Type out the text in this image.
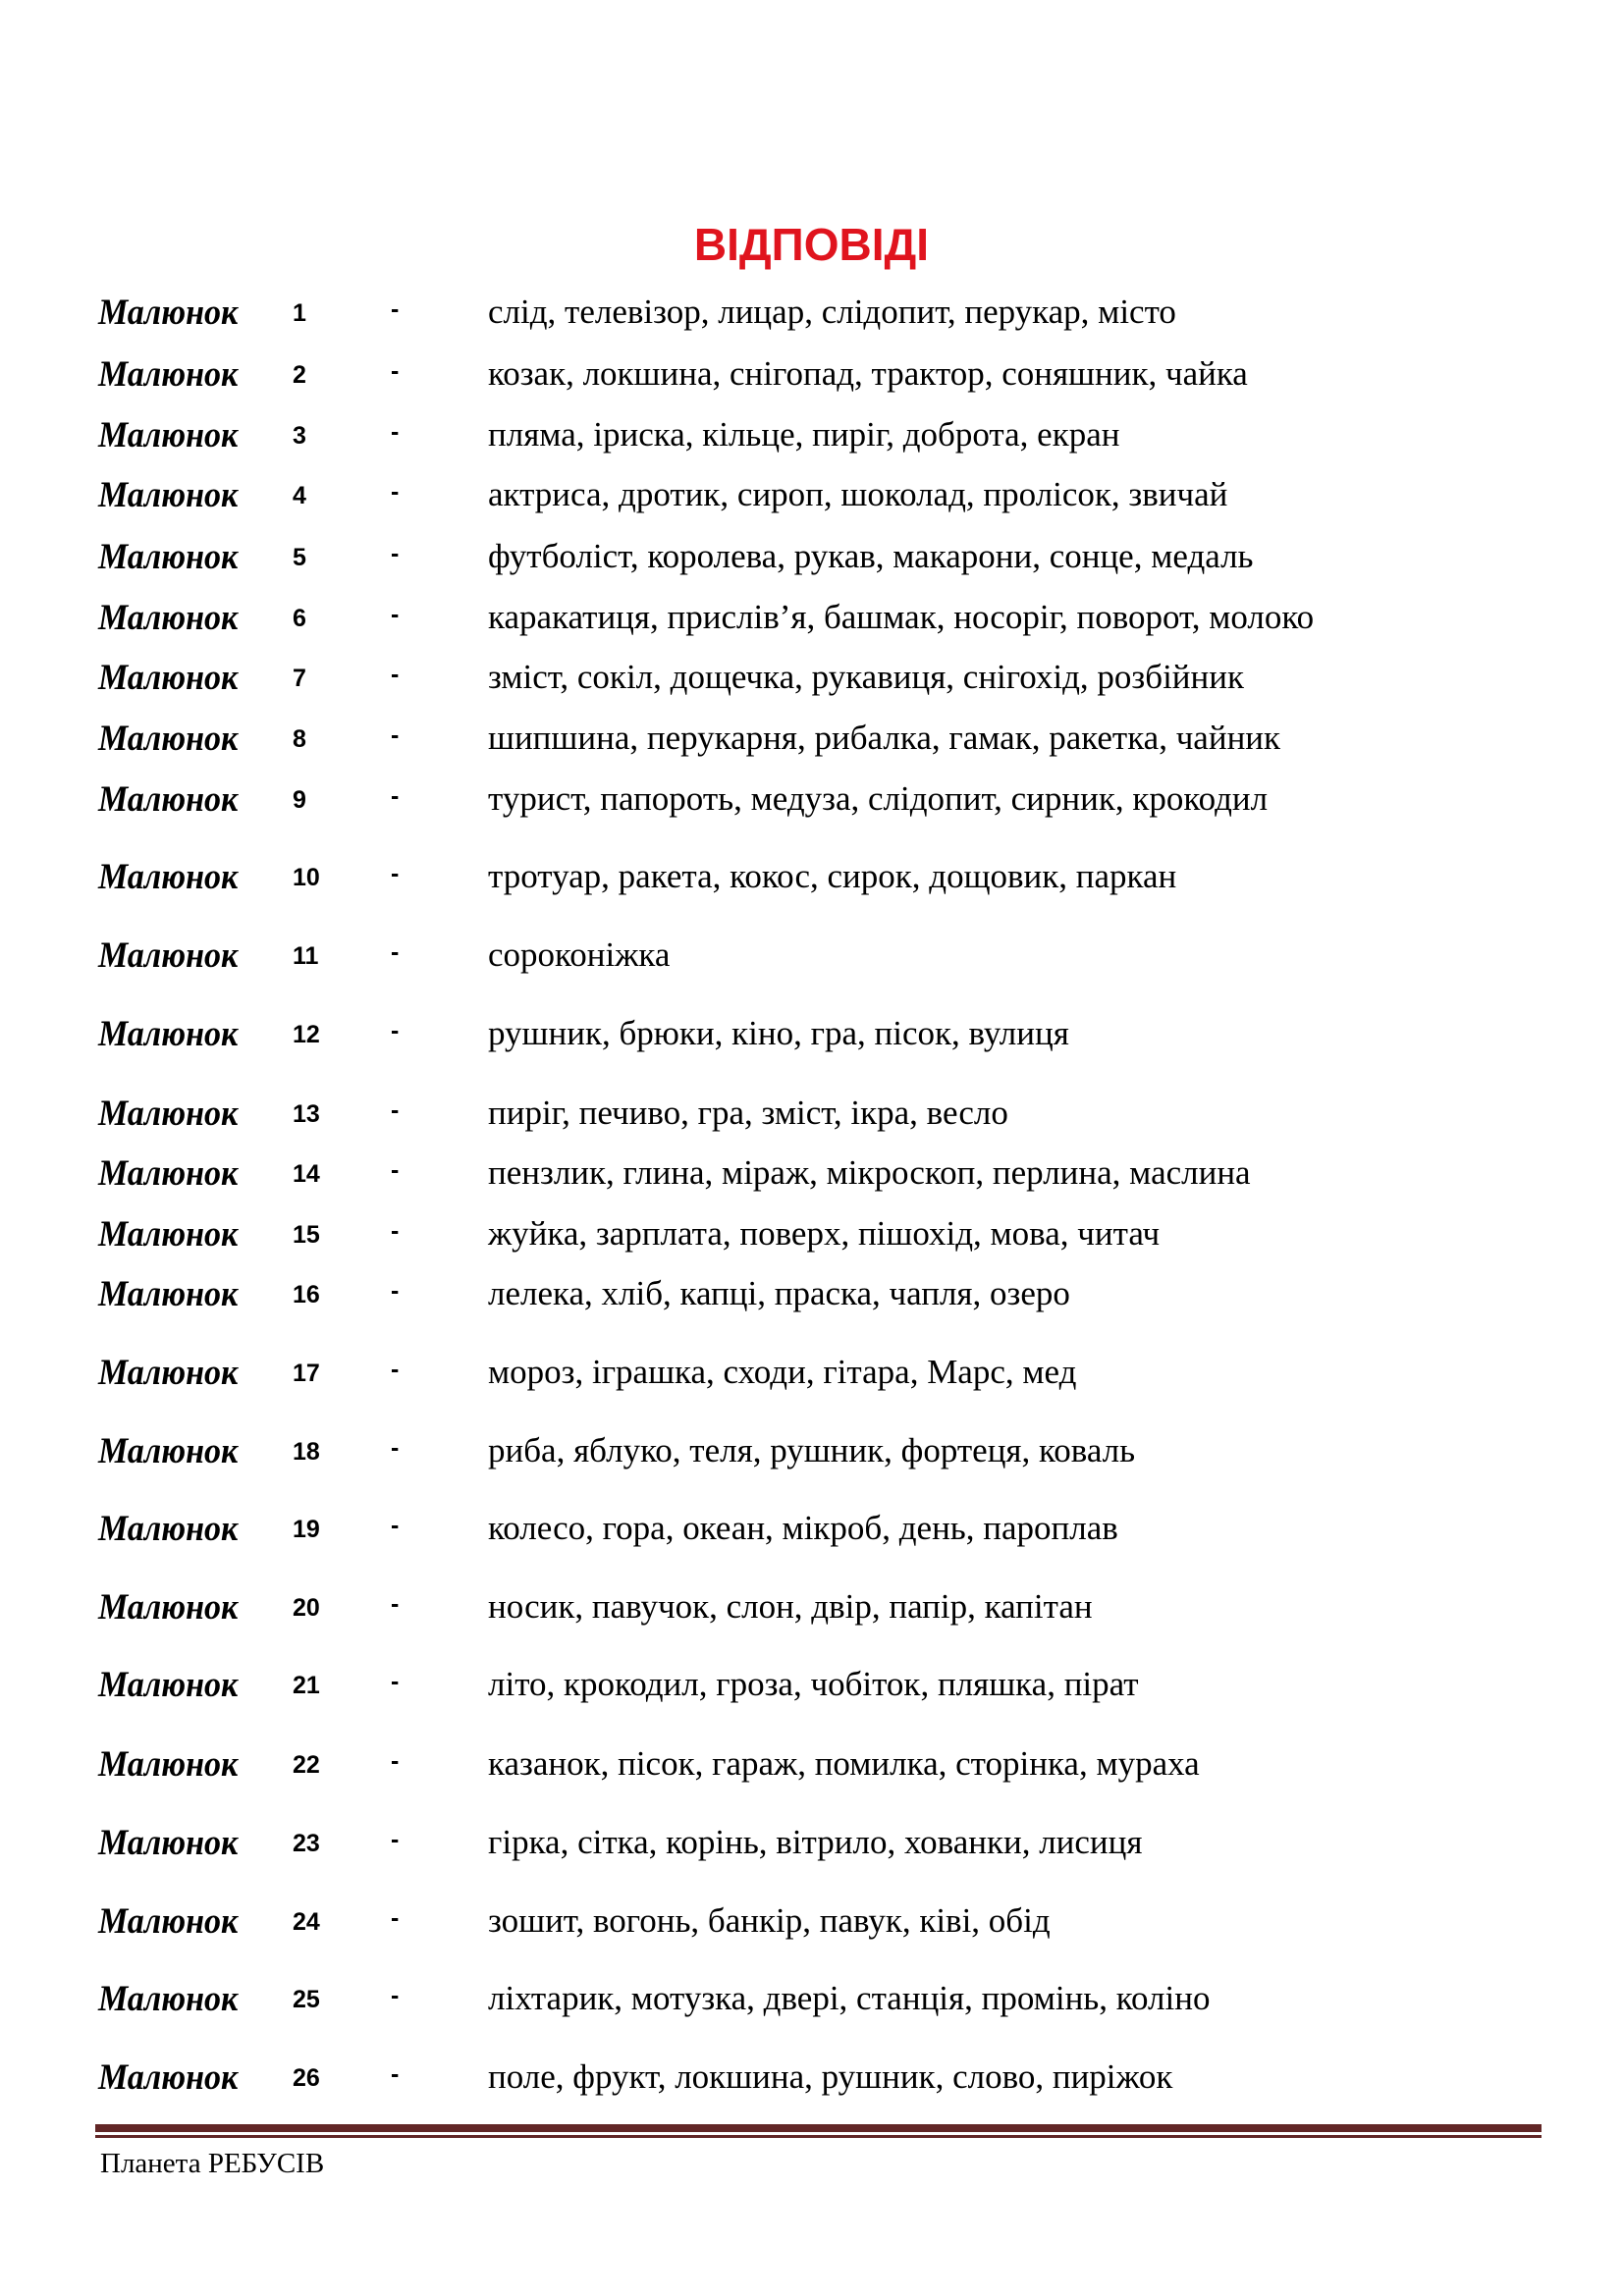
ВІДПОВІДІ
Малюнок 1	-	слід, телевізор, лицар, слідопит, перукар, місто
Малюнок 2	-	козак, локшина, снігопад, трактор, соняшник, чайка
Малюнок 3	-	пляма, іриска, кільце, пиріг, доброта, екран
Малюнок 4	-	актриса, дротик, сироп, шоколад, пролісок, звичай
Малюнок 5	-	футболіст, королева, рукав, макарони, сонце, медаль
Малюнок 6	-	каракатиця, прислів’я, башмак, носоріг, поворот, молоко
Малюнок 7	-	зміст, сокіл, дощечка, рукавиця, снігохід, розбійник
Малюнок 8	-	шипшина, перукарня, рибалка, гамак, ракетка, чайник
Малюнок 9	-	турист, папороть, медуза, слідопит, сирник, крокодил
Малюнок 10	-	тротуар, ракета, кокос, сирок, дощовик, паркан
Малюнок 11	-	сороконіжка
Малюнок 12	-	рушник, брюки, кіно, гра, пісок, вулиця
Малюнок 13	-	пиріг, печиво, гра, зміст, ікра, весло
Малюнок 14	-	пензлик, глина, міраж, мікроскоп, перлина, маслина
Малюнок 15	-	жуйка, зарплата, поверх, пішохід, мова, читач
Малюнок 16	-	лелека, хліб, капці, праска, чапля, озеро
Малюнок 17	-	мороз, іграшка, сходи, гітара, Марс, мед
Малюнок 18	-	риба, яблуко, теля, рушник, фортеця, коваль
Малюнок 19	-	колесо, гора, океан, мікроб, день, пароплав
Малюнок 20	-	носик, павучок, слон, двір, папір, капітан
Малюнок 21	-	літо, крокодил, гроза, чобіток, пляшка, пірат
Малюнок 22	-	казанок, пісок, гараж, помилка, сторінка, мураха
Малюнок 23	-	гірка, сітка, корінь, вітрило, хованки, лисиця
Малюнок 24	-	зошит, вогонь, банкір, павук, ківі, обід
Малюнок 25	-	ліхтарик, мотузка, двері, станція, промінь, коліно
Малюнок 26	-	поле, фрукт, локшина, рушник, слово, пиріжок
Планета РЕБУСІВ
